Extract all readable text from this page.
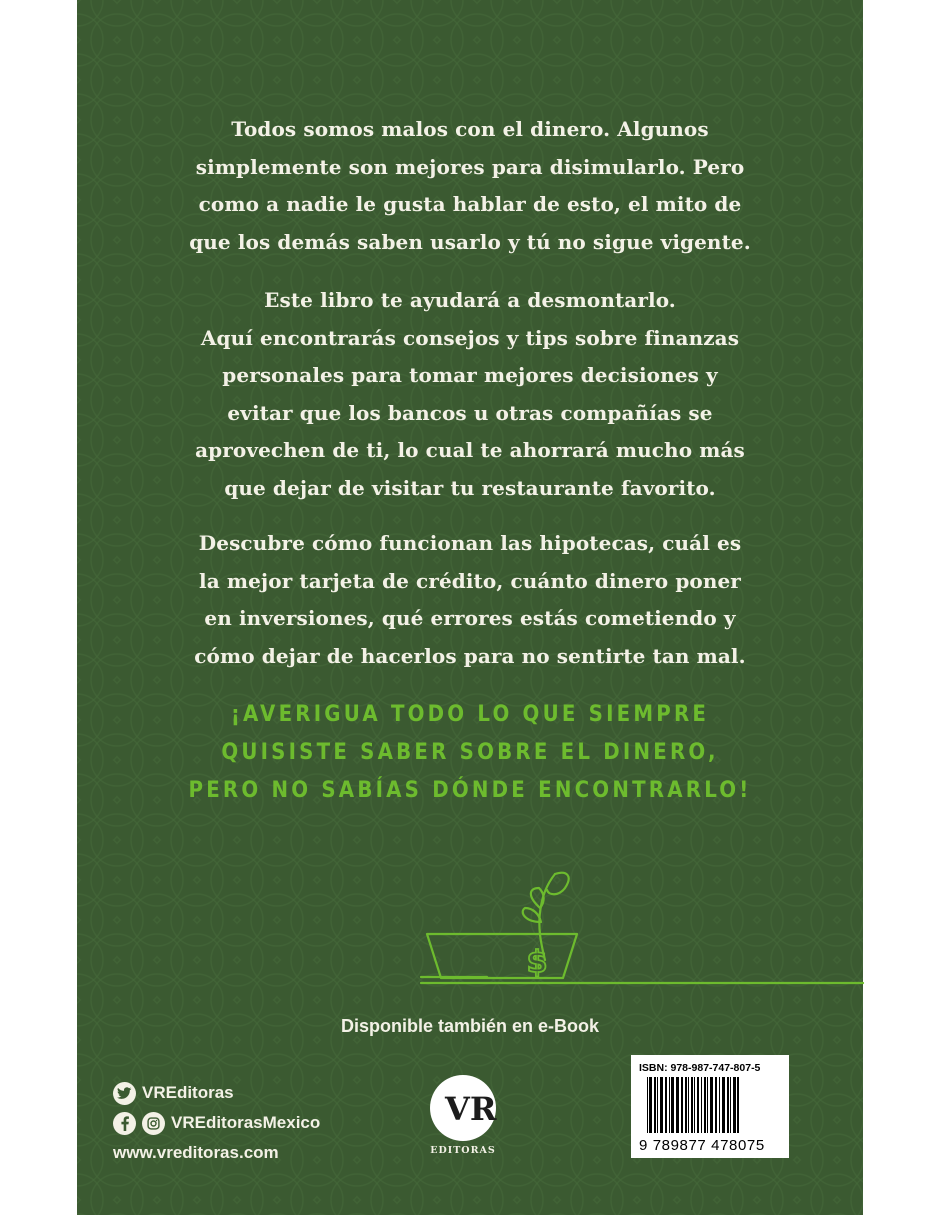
Todos somos malos con el dinero. Algunos
simplemente son mejores para disimularlo. Pero
como a nadie le gusta hablar de esto, el mito de
que los demás saben usarlo y tú no sigue vigente.
Este libro te ayudará a desmontarlo.
Aquí encontrarás consejos y tips sobre finanzas
personales para tomar mejores decisiones y
evitar que los bancos u otras compañías se
aprovechen de ti, lo cual te ahorrará mucho más
que dejar de visitar tu restaurante favorito.
Descubre cómo funcionan las hipotecas, cuál es
la mejor tarjeta de crédito, cuánto dinero poner
en inversiones, qué errores estás cometiendo y
cómo dejar de hacerlos para no sentirte tan mal.
¡AVERIGUA TODO LO QUE SIEMPRE
QUISISTE SABER SOBRE EL DINERO,
PERO NO SABÍAS DÓNDE ENCONTRARLO!
$
Disponible también en e-Book
VREditoras
VREditorasMexico
www.vreditoras.com
VR
EDITORAS
ISBN: 978-987-747-807-5
9 789877 478075
